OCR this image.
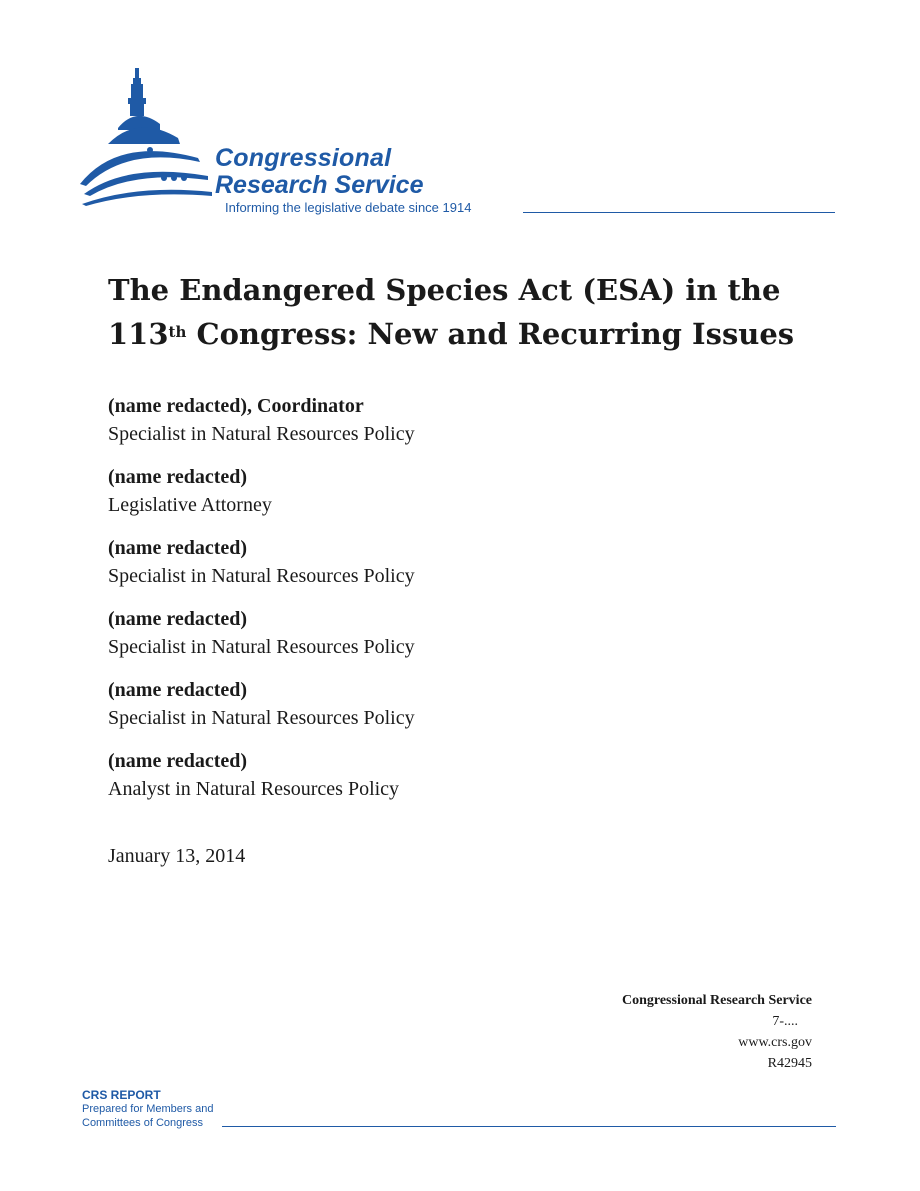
Congressional
Research Service
Informing the legislative debate since 1914
The Endangered Species Act (ESA) in the
113th Congress: New and Recurring Issues
(name redacted), Coordinator
Specialist in Natural Resources Policy
(name redacted)
Legislative Attorney
(name redacted)
Specialist in Natural Resources Policy
(name redacted)
Specialist in Natural Resources Policy
(name redacted)
Specialist in Natural Resources Policy
(name redacted)
Analyst in Natural Resources Policy
January 13, 2014
Congressional Research Service
7-....
www.crs.gov
R42945
CRS REPORT
Prepared for Members and
Committees of Congress
